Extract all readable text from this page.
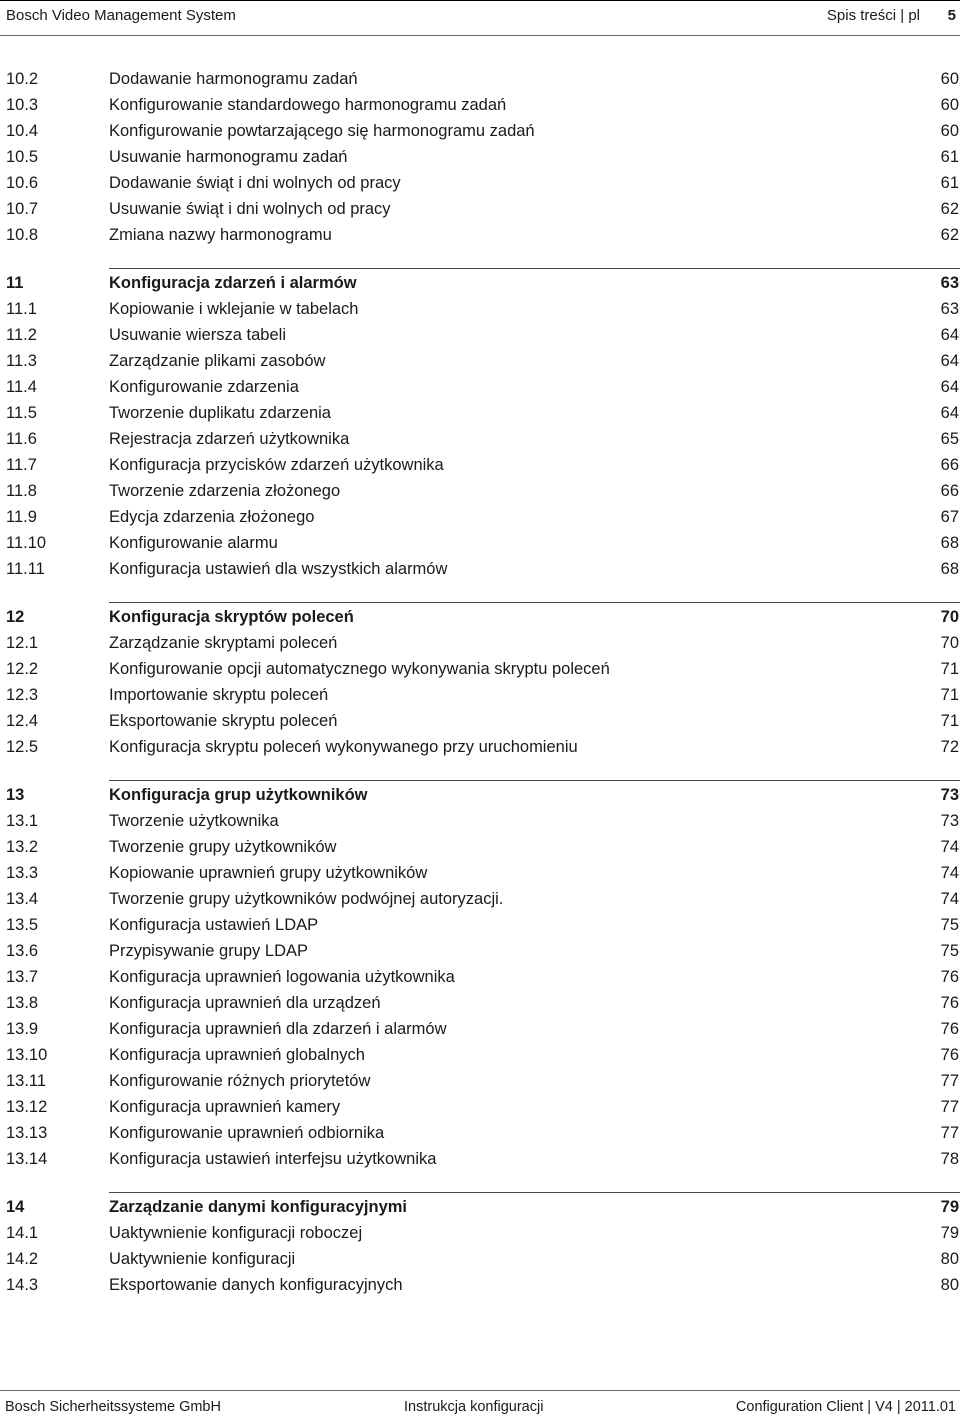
Bosch Video Management System	Spis treści | pl 5
10.2	Dodawanie harmonogramu zadań	60
10.3	Konfigurowanie standardowego harmonogramu zadań	60
10.4	Konfigurowanie powtarzającego się harmonogramu zadań	60
10.5	Usuwanie harmonogramu zadań	61
10.6	Dodawanie świąt i dni wolnych od pracy	61
10.7	Usuwanie świąt i dni wolnych od pracy	62
10.8	Zmiana nazwy harmonogramu	62
11	Konfiguracja zdarzeń i alarmów	63
11.1	Kopiowanie i wklejanie w tabelach	63
11.2	Usuwanie wiersza tabeli	64
11.3	Zarządzanie plikami zasobów	64
11.4	Konfigurowanie zdarzenia	64
11.5	Tworzenie duplikatu zdarzenia	64
11.6	Rejestracja zdarzeń użytkownika	65
11.7	Konfiguracja przycisków zdarzeń użytkownika	66
11.8	Tworzenie zdarzenia złożonego	66
11.9	Edycja zdarzenia złożonego	67
11.10	Konfigurowanie alarmu	68
11.11	Konfiguracja ustawień dla wszystkich alarmów	68
12	Konfiguracja skryptów poleceń	70
12.1	Zarządzanie skryptami poleceń	70
12.2	Konfigurowanie opcji automatycznego wykonywania skryptu poleceń	71
12.3	Importowanie skryptu poleceń	71
12.4	Eksportowanie skryptu poleceń	71
12.5	Konfiguracja skryptu poleceń wykonywanego przy uruchomieniu	72
13	Konfiguracja grup użytkowników	73
13.1	Tworzenie użytkownika	73
13.2	Tworzenie grupy użytkowników	74
13.3	Kopiowanie uprawnień grupy użytkowników	74
13.4	Tworzenie grupy użytkowników podwójnej autoryzacji.	74
13.5	Konfiguracja ustawień LDAP	75
13.6	Przypisywanie grupy LDAP	75
13.7	Konfiguracja uprawnień logowania użytkownika	76
13.8	Konfiguracja uprawnień dla urządzeń	76
13.9	Konfiguracja uprawnień dla zdarzeń i alarmów	76
13.10	Konfiguracja uprawnień globalnych	76
13.11	Konfigurowanie różnych priorytetów	77
13.12	Konfiguracja uprawnień kamery	77
13.13	Konfigurowanie uprawnień odbiornika	77
13.14	Konfiguracja ustawień interfejsu użytkownika	78
14	Zarządzanie danymi konfiguracyjnymi	79
14.1	Uaktywnienie konfiguracji roboczej	79
14.2	Uaktywnienie konfiguracji	80
14.3	Eksportowanie danych konfiguracyjnych	80
Bosch Sicherheitssysteme GmbH	Instrukcja konfiguracji	Configuration Client | V4 | 2011.01
